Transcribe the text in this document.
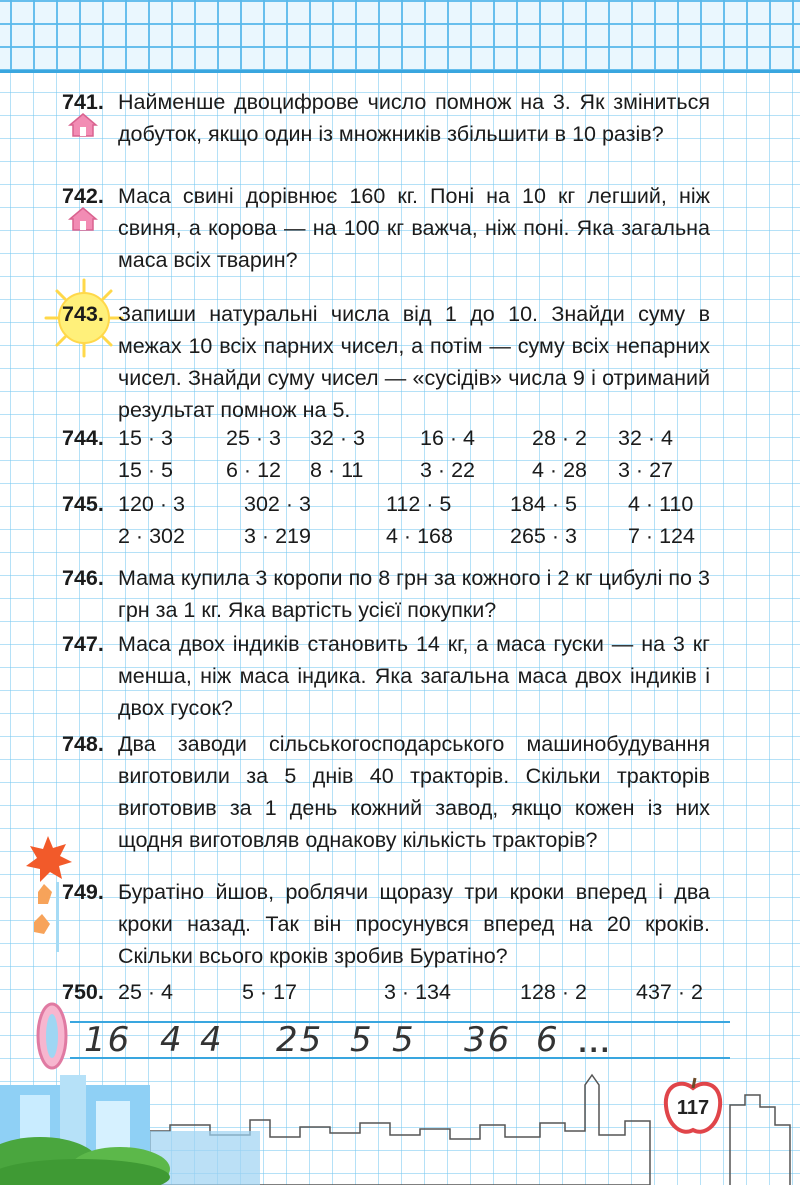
741. Найменше двоцифрове число помнож на 3. Як зміниться добуток, якщо один із множників збільшити в 10 разів?
742. Маса свині дорівнює 160 кг. Поні на 10 кг легший, ніж свиня, а корова — на 100 кг важча, ніж поні. Яка загальна маса всіх тварин?
743. Запиши натуральні числа від 1 до 10. Знайди суму в межах 10 всіх парних чисел, а потім — суму всіх непарних чисел. Знайди суму чисел — «сусідів» числа 9 і отриманий результат помнож на 5.
744. 15 · 3	25 · 3	32 · 3	16 · 4	28 · 2	32 · 4
15 · 5	6 · 12	8 · 11	3 · 22	4 · 28	3 · 27
745. 120 · 3	302 · 3	112 · 5	184 · 5	4 · 110
2 · 302	3 · 219	4 · 168	265 · 3	7 · 124
746. Мама купила 3 коропи по 8 грн за кожного і 2 кг цибулі по 3 грн за 1 кг. Яка вартість усієї покупки?
747. Маса двох індиків становить 14 кг, а маса гуски — на 3 кг менша, ніж маса індика. Яка загальна маса двох індиків і двох гусок?
748. Два заводи сільськогосподарського машинобудування виготовили за 5 днів 40 тракторів. Скільки тракторів виготовив за 1 день кожний завод, якщо кожен із них щодня виготовляв однакову кількість тракторів?
749. Буратіно йшов, роблячи щоразу три кроки вперед і два кроки назад. Так він просунувся вперед на 20 кроків. Скільки всього кроків зробив Буратіно?
750. 25 · 4	5 · 17	3 · 134	128 · 2	437 · 2
16 4 4 25 5 5 36 6 ...
117
